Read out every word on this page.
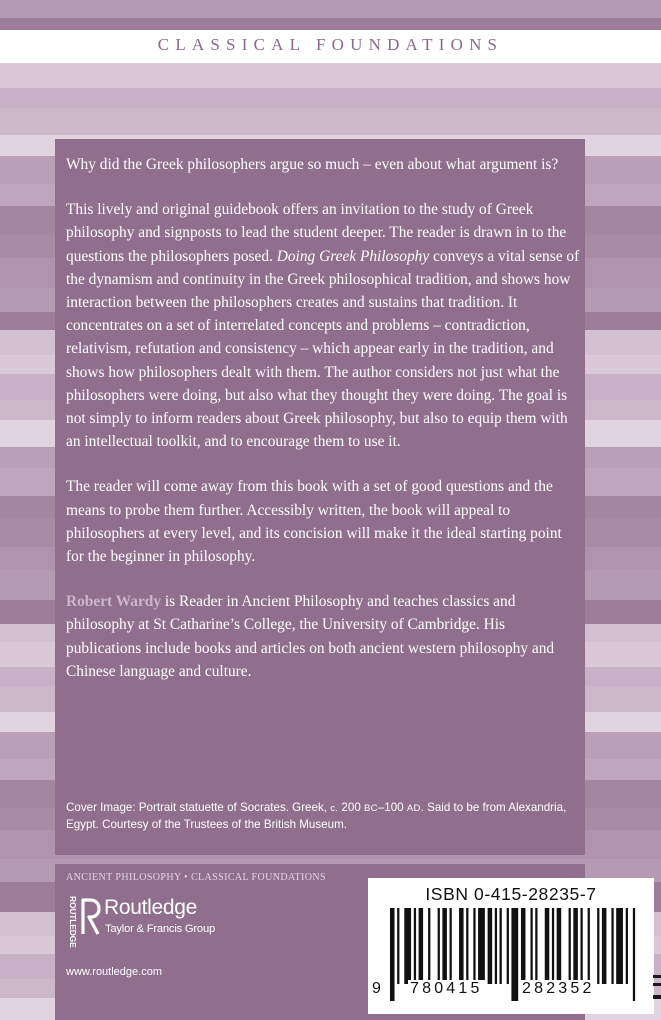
CLASSICAL FOUNDATIONS

Why did the Greek philosophers argue so much – even about what argument is?

This lively and original guidebook offers an invitation to the study of Greek philosophy and signposts to lead the student deeper. The reader is drawn in to the questions the philosophers posed. Doing Greek Philosophy conveys a vital sense of the dynamism and continuity in the Greek philosophical tradition, and shows how interaction between the philosophers creates and sustains that tradition. It concentrates on a set of interrelated concepts and problems – contradiction, relativism, refutation and consistency – which appear early in the tradition, and shows how philosophers dealt with them. The author considers not just what the philosophers were doing, but also what they thought they were doing. The goal is not simply to inform readers about Greek philosophy, but also to equip them with an intellectual toolkit, and to encourage them to use it.

The reader will come away from this book with a set of good questions and the means to probe them further. Accessibly written, the book will appeal to philosophers at every level, and its concision will make it the ideal starting point for the beginner in philosophy.

Robert Wardy is Reader in Ancient Philosophy and teaches classics and philosophy at St Catharine’s College, the University of Cambridge. His publications include books and articles on both ancient western philosophy and Chinese language and culture.

Cover Image: Portrait statuette of Socrates. Greek, c. 200 BC–100 AD. Said to be from Alexandria, Egypt. Courtesy of the Trustees of the British Museum.
ANCIENT PHILOSOPHY • CLASSICAL FOUNDATIONS
ROUTLEDGE Routledge
Taylor & Francis Group
www.routledge.com
ISBN 0-415-28235-7
9 780415 282352
